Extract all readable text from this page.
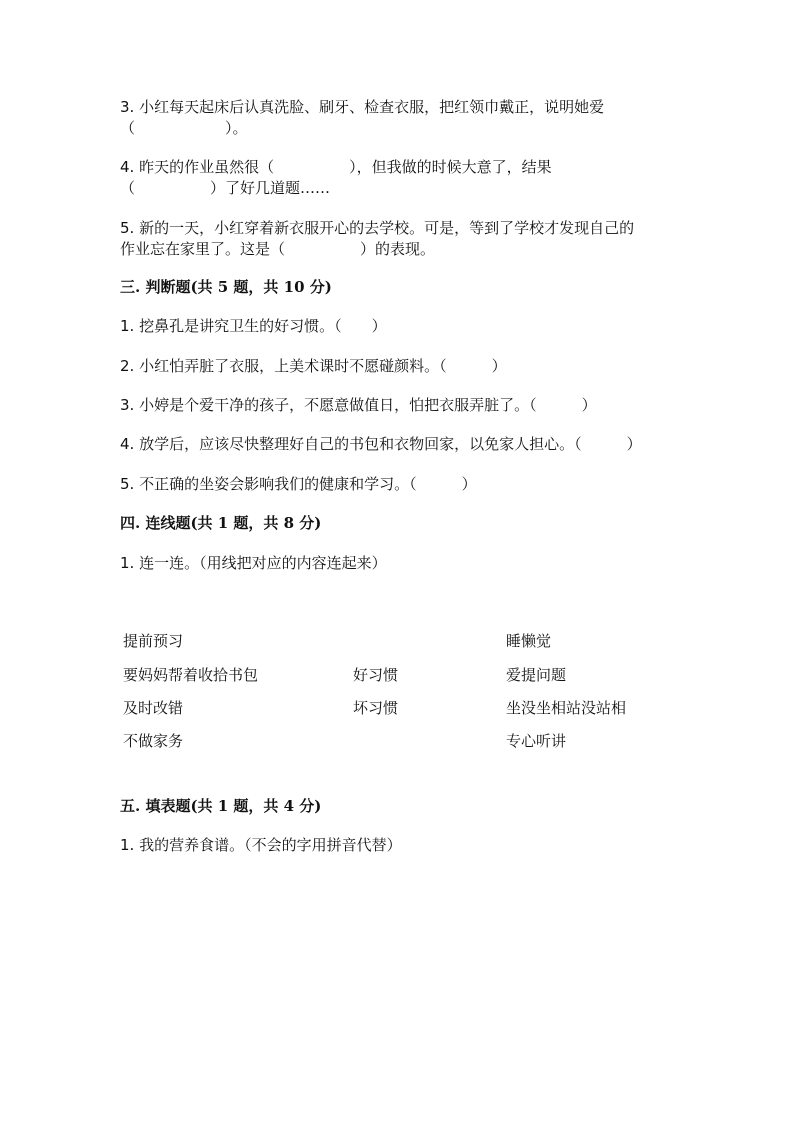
3. 小红每天起床后认真洗脸、刷牙、检查衣服，把红领巾戴正，说明她爱
（　　　　　　）。
4. 昨天的作业虽然很（　　　　　），但我做的时候大意了，结果
（　　　　　）了好几道题……
5. 新的一天，小红穿着新衣服开心的去学校。可是，等到了学校才发现自己的
作业忘在家里了。这是（　　　　　）的表现。
三. 判断题(共 5 题，共 10 分)
1. 挖鼻孔是讲究卫生的好习惯。（　　）
2. 小红怕弄脏了衣服，上美术课时不愿碰颜料。（　　　）
3. 小婷是个爱干净的孩子，不愿意做值日，怕把衣服弄脏了。（　　　）
4. 放学后，应该尽快整理好自己的书包和衣物回家，以免家人担心。（　　　）
5. 不正确的坐姿会影响我们的健康和学习。（　　　）
四. 连线题(共 1 题，共 8 分)
1. 连一连。（用线把对应的内容连起来）
提前预习
要妈妈帮着收拾书包
及时改错
不做家务
好习惯
坏习惯
睡懒觉
爱提问题
坐没坐相站没站相
专心听讲
五. 填表题(共 1 题，共 4 分)
1. 我的营养食谱。（不会的字用拼音代替）
